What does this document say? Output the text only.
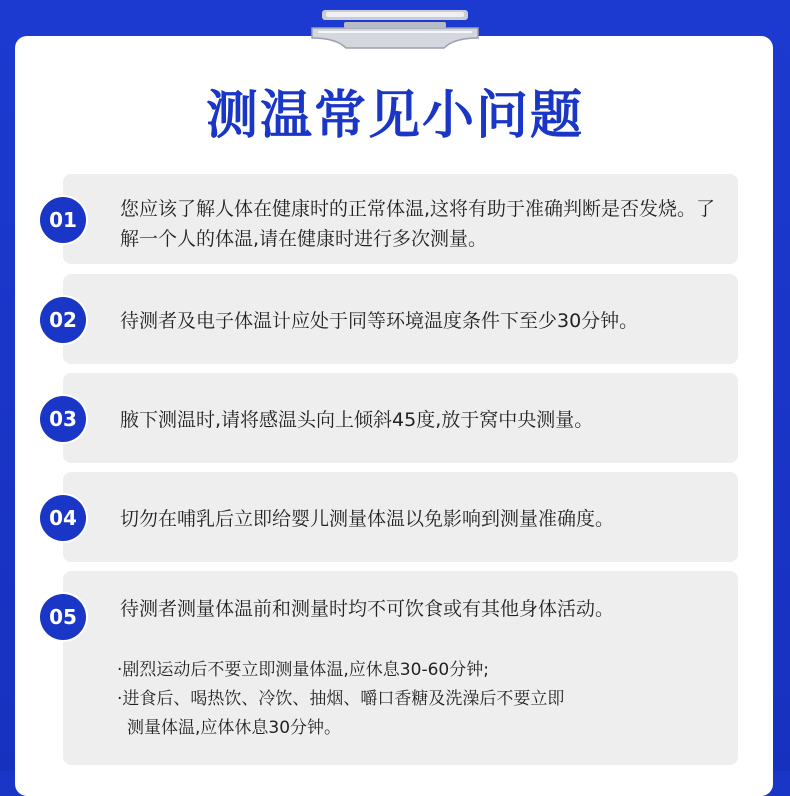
测温常见小问题
01	您应该了解人体在健康时的正常体温,这将有助于准确判断是否发烧。了解一个人的体温,请在健康时进行多次测量。
02	待测者及电子体温计应处于同等环境温度条件下至少30分钟。
03	腋下测温时,请将感温头向上倾斜45度,放于窝中央测量。
04	切勿在哺乳后立即给婴儿测量体温以免影响到测量准确度。
05	待测者测量体温前和测量时均不可饮食或有其他身体活动。
·剧烈运动后不要立即测量体温,应休息30-60分钟;
·进食后、喝热饮、冷饮、抽烟、嚼口香糖及洗澡后不要立即
测量体温,应体休息30分钟。
